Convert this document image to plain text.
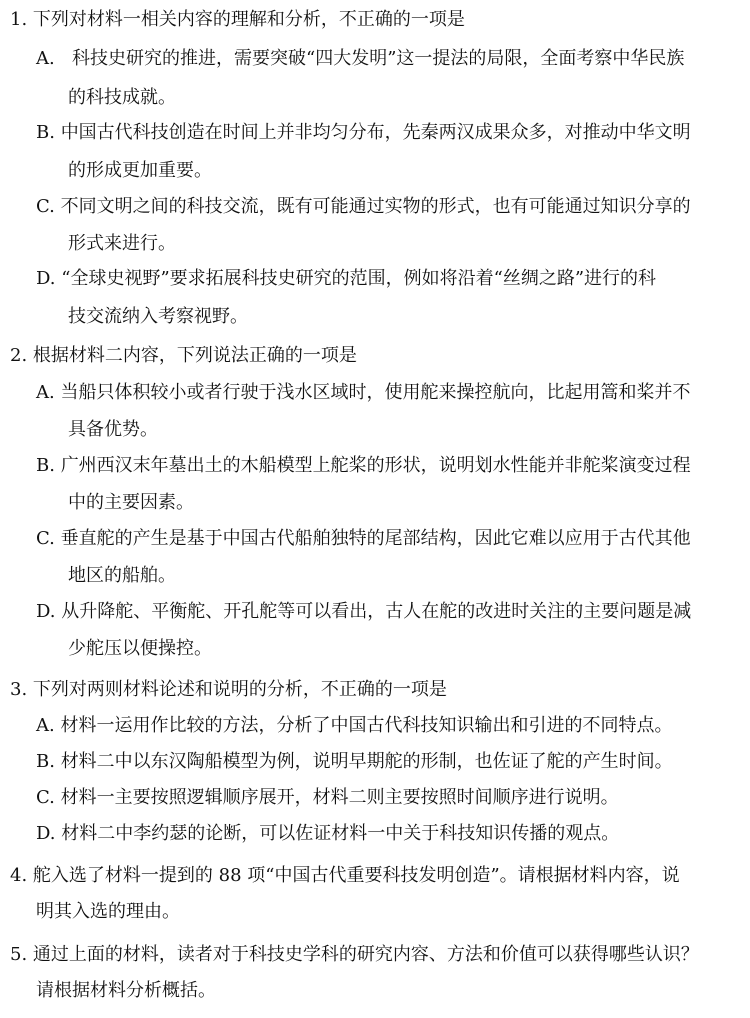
1. 下列对材料一相关内容的理解和分析，不正确的一项是
A. 科技史研究的推进，需要突破“四大发明”这一提法的局限，全面考察中华民族
的科技成就。
B. 中国古代科技创造在时间上并非均匀分布，先秦两汉成果众多，对推动中华文明
的形成更加重要。
C. 不同文明之间的科技交流，既有可能通过实物的形式，也有可能通过知识分享的
形式来进行。
D. “全球史视野”要求拓展科技史研究的范围，例如将沿着“丝绸之路”进行的科
技交流纳入考察视野。
2. 根据材料二内容，下列说法正确的一项是
A. 当船只体积较小或者行驶于浅水区域时，使用舵来操控航向，比起用篙和桨并不
具备优势。
B. 广州西汉末年墓出土的木船模型上舵桨的形状，说明划水性能并非舵桨演变过程
中的主要因素。
C. 垂直舵的产生是基于中国古代船舶独特的尾部结构，因此它难以应用于古代其他
地区的船舶。
D. 从升降舵、平衡舵、开孔舵等可以看出，古人在舵的改进时关注的主要问题是减
少舵压以便操控。
3. 下列对两则材料论述和说明的分析，不正确的一项是
A. 材料一运用作比较的方法，分析了中国古代科技知识输出和引进的不同特点。
B. 材料二中以东汉陶船模型为例，说明早期舵的形制，也佐证了舵的产生时间。
C. 材料一主要按照逻辑顺序展开，材料二则主要按照时间顺序进行说明。
D. 材料二中李约瑟的论断，可以佐证材料一中关于科技知识传播的观点。
4. 舵入选了材料一提到的 88 项“中国古代重要科技发明创造”。请根据材料内容，说
明其入选的理由。
5. 通过上面的材料，读者对于科技史学科的研究内容、方法和价值可以获得哪些认识？
请根据材料分析概括。
